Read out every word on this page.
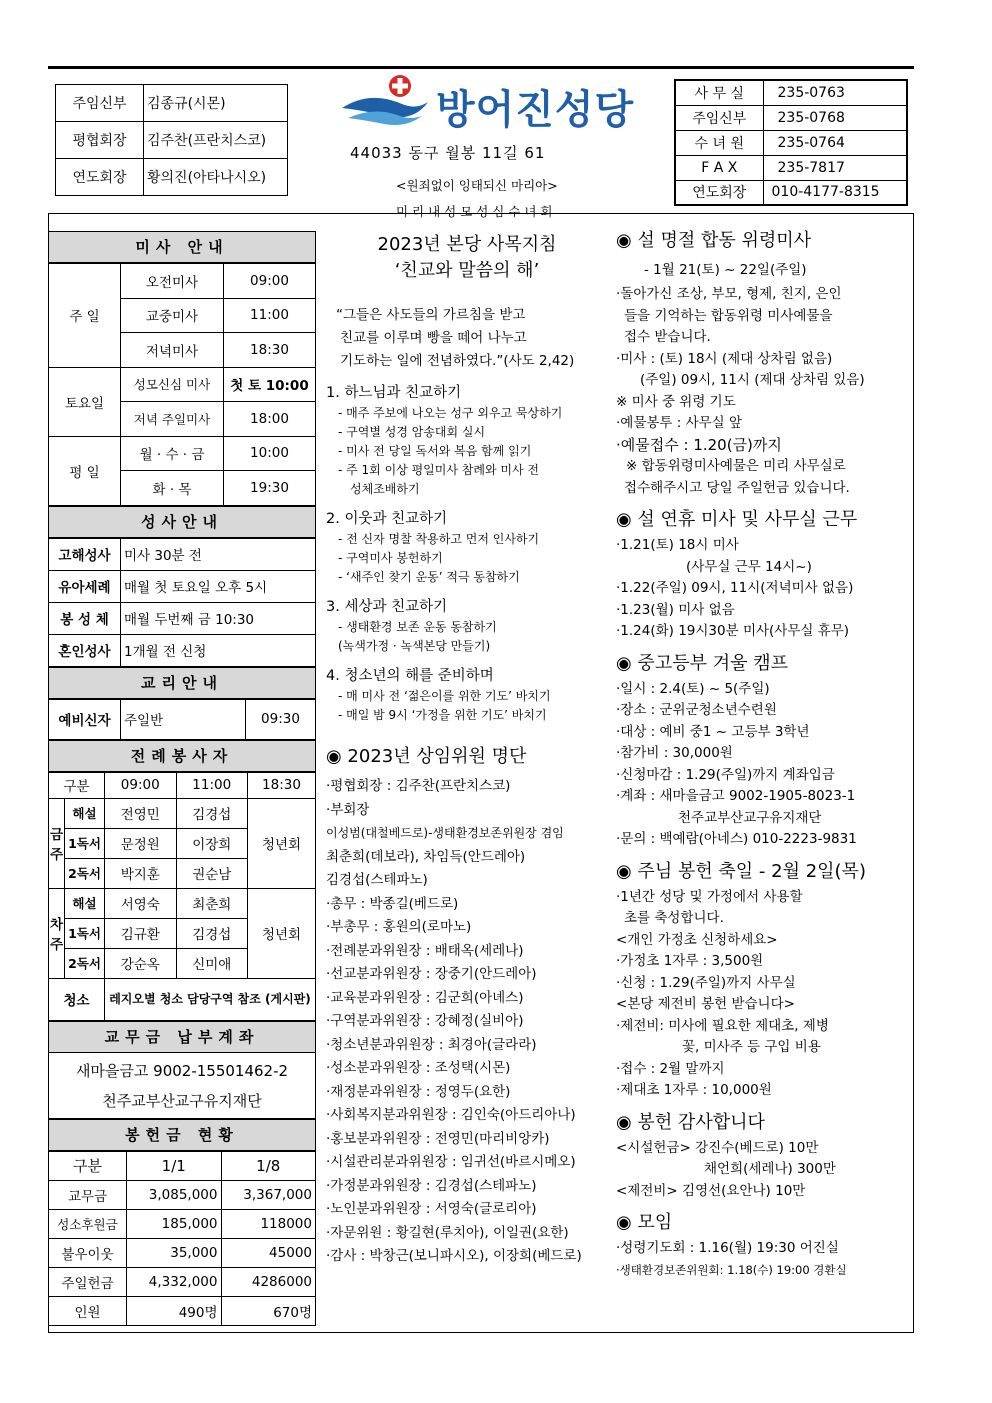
주임신부	김종규(시몬)
평협회장	김주찬(프란치스코)
연도회장	황의진(아타나시오)
방어진성당
44033 동구 월봉 11길 61
<원죄없이 잉태되신 마리아>
미 리 내 성 모 성 심 수 녀 회
사 무 실	235-0763
주임신부	235-0768
수 녀 원	235-0764
F A X	235-7817
연도회장	010-4177-8315
미사 안내
주 일	오전미사	09:00
	교중미사	11:00
	저녁미사	18:30
토요일	성모신심 미사	첫 토 10:00
	저녁 주일미사	18:00
평 일	월 · 수 · 금	10:00
	화 · 목	19:30
성사안내
고해성사	미사 30분 전
유아세례	매월 첫 토요일 오후 5시
봉 성 체	매월 두번째 금 10:30
혼인성사	1개월 전 신청
교리안내
예비신자	주일반	09:30
전례봉사자
구분		09:00	11:00	18:30
금주	해설	전영민	김경섭	청년회
	1독서	문정원	이장희	
	2독서	박지훈	권순남	
차주	해설	서영숙	최춘희	청년회
	1독서	김규환	김경섭	
	2독서	강순옥	신미애	
청소		레지오별 청소 담당구역 참조 (게시판)		
교무금 납부계좌
새마을금고 9002-15501462-2
천주교부산교구유지재단
봉헌금 현황
구분	1/1	1/8
교무금	3,085,000	3,367,000
성소후원금	185,000	118000
불우이웃	35,000	45000
주일헌금	4,332,000	4286000
인원	490명	670명
2023년 본당 사목지침
‘친교와 말씀의 해’

“그들은 사도들의 가르침을 받고

친교를 이루며 빵을 떼어 나누고

기도하는 일에 전념하였다.”(사도 2,42)

1. 하느님과 친교하기

- 매주 주보에 나오는 성구 외우고 묵상하기

- 구역별 성경 암송대회 실시

- 미사 전 당일 독서와 복음 함께 읽기

- 주 1회 이상 평일미사 참례와 미사 전

성체조배하기

2. 이웃과 친교하기

- 전 신자 명찰 착용하고 먼저 인사하기

- 구역미사 봉헌하기

- ‘새주인 찾기 운동’ 적극 동참하기

3. 세상과 친교하기

- 생태환경 보존 운동 동참하기

(녹색가정 · 녹색본당 만들기)

4. 청소년의 해를 준비하며

- 매 미사 전 ‘젊은이를 위한 기도’ 바치기

- 매일 밤 9시 ‘가정을 위한 기도’ 바치기

◉ 2023년 상임위원 명단

·평협회장 : 김주찬(프란치스코)

·부회장

이성범(대철베드로)-생태환경보존위원장 겸임

최춘희(데보라), 차임득(안드레아)

김경섭(스테파노)

·총무 : 박종길(베드로)

·부총무 : 홍원의(로마노)

·전례분과위원장 : 배태옥(세레나)

·선교분과위원장 : 장중기(안드레아)

·교육분과위원장 : 김군희(아녜스)

·구역분과위원장 : 강혜정(실비아)

·청소년분과위원장 : 최경아(글라라)

·성소분과위원장 : 조성택(시몬)

·재정분과위원장 : 정영두(요한)

·사회복지분과위원장 : 김인숙(아드리아나)

·홍보분과위원장 : 전영민(마리비앙카)

·시설관리분과위원장 : 임귀선(바르시메오)

·가정분과위원장 : 김경섭(스테파노)

·노인분과위원장 : 서영숙(글로리아)

·자문위원 : 황길현(루치아), 이일권(요한)

·감사 : 박창근(보니파시오), 이장희(베드로)

◉ 설 명절 합동 위령미사

- 1월 21(토) ~ 22일(주일)

·돌아가신 조상, 부모, 형제, 친지, 은인

들을 기억하는 합동위령 미사예물을

접수 받습니다.

·미사 : (토) 18시 (제대 상차림 없음)

(주일) 09시, 11시 (제대 상차림 있음)

※ 미사 중 위령 기도

·예물봉투 : 사무실 앞

·예물접수 : 1.20(금)까지

※ 합동위령미사예물은 미리 사무실로

접수해주시고 당일 주일헌금 있습니다.

◉ 설 연휴 미사 및 사무실 근무

·1.21(토) 18시 미사

(사무실 근무 14시~)

·1.22(주일) 09시, 11시(저녁미사 없음)

·1.23(월) 미사 없음

·1.24(화) 19시30분 미사(사무실 휴무)

◉ 중고등부 겨울 캠프

·일시 : 2.4(토) ~ 5(주일)

·장소 : 군위군청소년수련원

·대상 : 예비 중1 ~ 고등부 3학년

·참가비 : 30,000원

·신청마감 : 1.29(주일)까지 계좌입금

·계좌 : 새마을금고 9002-1905-8023-1

천주교부산교구유지재단

·문의 : 백예람(아네스) 010-2223-9831

◉ 주님 봉헌 축일 - 2월 2일(목)

·1년간 성당 및 가정에서 사용할

초를 축성합니다.

<개인 가정초 신청하세요>

·가정초 1자루 : 3,500원

·신청 : 1.29(주일)까지 사무실

<본당 제전비 봉헌 받습니다>

·제전비: 미사에 필요한 제대초, 제병

꽃, 미사주 등 구입 비용

·접수 : 2월 말까지

·제대초 1자루 : 10,000원

◉ 봉헌 감사합니다

<시설헌금> 강진수(베드로) 10만

채언희(세레나) 300만

<제전비> 김영선(요안나) 10만

◉ 모임

·성령기도회 : 1.16(월) 19:30 어진실

·생태환경보존위원회: 1.18(수) 19:00 경환실
